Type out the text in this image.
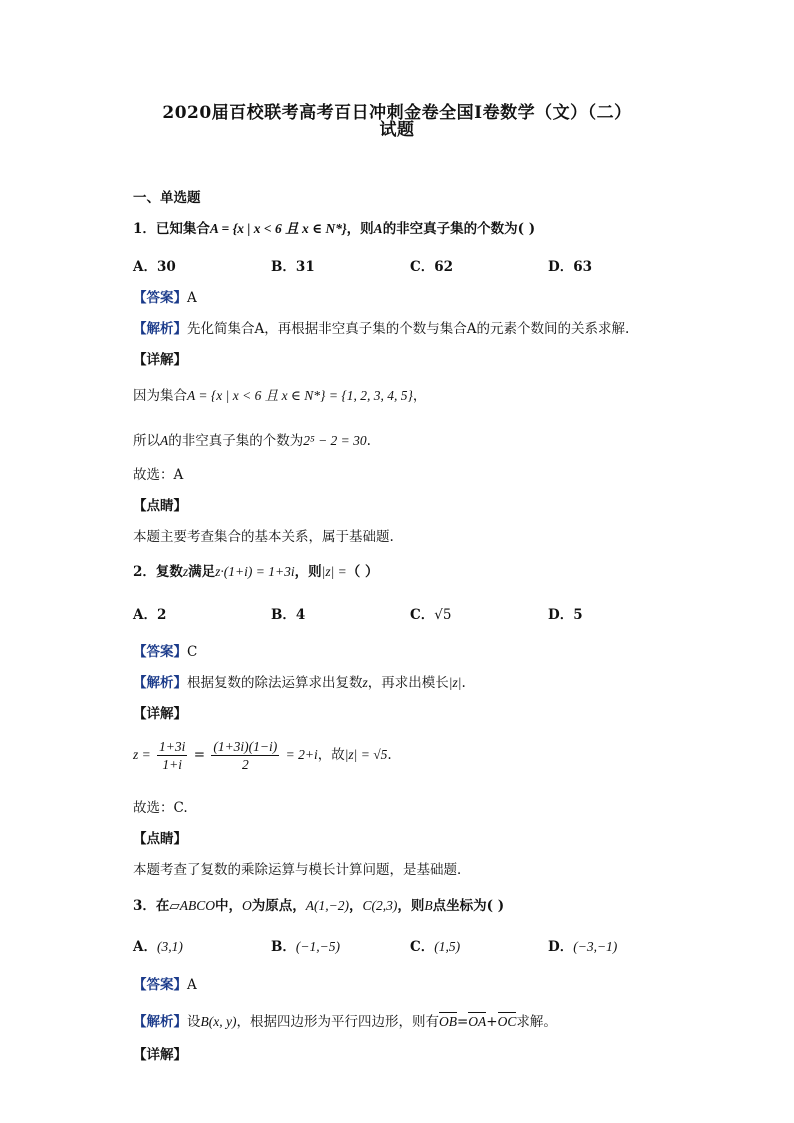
2020届百校联考高考百日冲刺金卷全国Ⅰ卷数学（文）（二）
试题
一、单选题
1．已知集合A = {x | x < 6 且 x ∈ N*}，则A的非空真子集的个数为( )
A．30	B．31	C．62	D．63
【答案】A
【解析】先化简集合A，再根据非空真子集的个数与集合A的元素个数间的关系求解.
【详解】
因为集合A = {x | x < 6 且 x ∈ N*} = {1, 2, 3, 4, 5}，
所以A的非空真子集的个数为2⁵ − 2 = 30.
故选：A
【点睛】
本题主要考查集合的基本关系，属于基础题.
2．复数z满足z·(1+i) = 1+3i，则|z| =（ ）
A．2	B．4	C．√5	D．5
【答案】C
【解析】根据复数的除法运算求出复数z，再求出模长|z|.
【详解】
$z = \frac{1+3i}{1+i} = \frac{(1+3i)(1-i)}{2} = 2+i$，故|z| = √5.
故选：C.
【点睛】
本题考查了复数的乘除运算与模长计算问题，是基础题．
3．在▱ABCO中，O为原点，A(1,−2)，C(2,3)，则B点坐标为( )
A．(3,1)	B．(−1,−5)	C．(1,5)	D．(−3,−1)
【答案】A
【解析】设B(x, y)，根据四边形为平行四边形，则有OB=OA+OC求解。
【详解】
